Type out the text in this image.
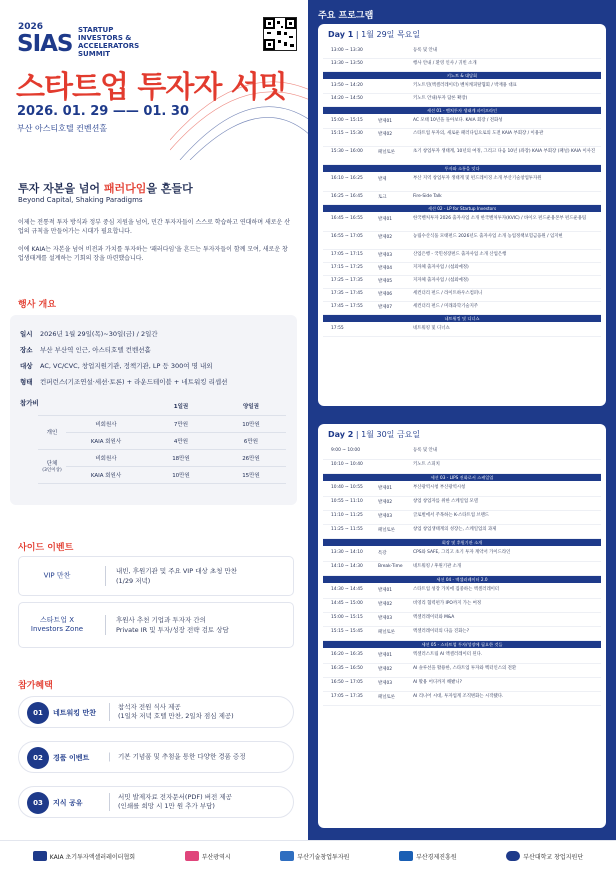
2026
SIAS
STARTUP INVESTORS & ACCELERATORS SUMMIT
스타트업 투자자 서밋
2026. 01. 29 —— 01. 30
부산 아스티호텔 컨벤션홀
투자 자본을 넘어 패러다임을 흔들다
Beyond Capital, Shaking Paradigms
이제는 전통적 투자 방식과 정부 중심 지원을 넘어, 민간 투자자들이 스스로 학습하고 연대하며 새로운 산업의 규칙을 만들어가는 시대가 필요합니다.
이에 KAIA는 자본을 넘어 비전과 가치를 투자하는 '패러다임'을 흔드는 투자자들이 함께 모여, 새로운 창업생태계를 설계하는 기회의 장을 마련했습니다.
행사 개요
일시 2026년 1월 29일(목)~30일(금) / 2일간
장소 부산 부산역 인근, 아스티호텔 컨벤션홀
대상 AC, VC/CVC, 창업지원기관, 정책기관, LP 등 300여 명 내외
형태 컨퍼런스(기조연설·세션·토론) + 라운드테이블 + 네트워킹 리셉션
참가비
		1일권	양일권
개인	비회원사	7만원	10만원
	KAIA 회원사	4만원	6만원
단체
(3인이상)	비회원사	18만원	26만원
	KAIA 회원사	10만원	15만원
사이드 이벤트
VIP 만찬
내빈, 후원기관 및 주요 VIP 대상 초청 만찬
(1/29 저녁)
스타트업 X Investors Zone
후원사 추천 기업과 투자자 간의
Private IR 및 투자/성장 전략 검토 상담
참가혜택
01	네트워킹 만찬
참석자 전원 식사 제공
(1일차 저녁 호텔 만찬, 2일차 점심 제공)
02	경품 이벤트	기본 기념품 및 추첨을 통한 다양한 경품 증정
03	지식 공유
서밋 발제자료 전자문서(PDF) 버전 제공
(인쇄를 희망 시 1만 원 추가 부담)
주요 프로그램
Day 1 | 1월 29일 목요일
13:00 ~ 13:30	등록 및 안내
13:30 ~ 13:50	행사 안내 / 환영 인사 / 귀빈 소개
키노트 & 대담회
13:50 ~ 14:20	키노트연(액셀러레이터) 벤처캐피탈협회 / 박재용 대표
14:20 ~ 14:50	키노트 안내(투자 담론 확장)
세션 01 - 벤처투자 생태계 파이프라인
15:00 ~ 15:15	발제01	AC 모태 10년을 돌아보다. KAIA 회장 / 전화성
15:15 ~ 15:30	발제02	스타트업 투자의, 새로운 패러다임으로의 도전 KAIA 부회장 / 이용관
15:30 ~ 16:00	패널토론	초기 창업투자 생태계, 10년의 여정, 그리고 다음 10년 (좌장) KAIA 부회장 (패널) KAIA 이사진
투자와 소통을 잇다
16:10 ~ 16:25	발제	부산 지역 창업투자 생태계 및 펀드레이징 소개 부산기술창업투자원
16:25 ~ 16:45	토크	Fire-Side Talk
세션 02 - LP for Startup Investors
16:45 ~ 16:55	발제01	한국벤처투자 2026 출자사업 소개 한국벤처투자(KVIC) / 바이오 펀드운용본부 펀드운용팀
16:55 ~ 17:05	발제02	농림수산식품 모태펀드 2026년도 출자사업 소개 농업정책보험금융원 / 임지현
17:05 ~ 17:15	발제03	산업은행 - 국민성장펀드 출자사업 소개 산업은행
17:15 ~ 17:25	발제04	지자체 출자사업 / (섭외예정)
17:25 ~ 17:35	발제05	지자체 출자사업 / (섭외예정)
17:35 ~ 17:45	발제06	세컨더리 펀드 / 라이트하우스컴퍼니
17:45 ~ 17:55	발제07	세컨더리 펀드 / 미래과학기술지주
네트워킹 및 디너쇼
17:55	네트워킹 및 디너쇼
Day 2 | 1월 30일 금요일
9:00 ~ 10:00	등록 및 안내
10:10 ~ 10:40	키노트 스피치
세션 03 - LIPS 진화로서 스케일업
10:40 ~ 10:55	발제01	부산광역시청 부산광역시청
10:55 ~ 11:10	발제02	창업 창업자를 위한 스케일업 모델
11:10 ~ 11:25	발제03	글로벌에서 주목하는 K-스타트업 브랜드
11:25 ~ 11:55	패널토론	창업 창업생태계의 성장는, 스케일업의 과제
회장 및 후원기관 소개
13:30 ~ 14:10	특강	CPS와 SAFE, 그리고 초기 투자 계약서 가이드라인
14:10 ~ 14:30	Break-Time	네트워킹 / 후원기관 소개
세션 04 - 액셀러레이터 2.0
14:30 ~ 14:45	발제01	스타트업 성장 가치에 집중하는 액셀러레이터
14:45 ~ 15:00	발제02	비영리 협력펀가 IPO까지 가는 여정
15:00 ~ 15:15	발제03	액셀러레이터와 M&A
15:15 ~ 15:45	패널토론	액셀러레이터의 다음 진화는?
세션 05 - 스타트업 투자/성장에 필요한 것들
16:20 ~ 16:35	발제01	엑셀러스트림 AI 액셀러레이터 된다.
16:35 ~ 16:50	발제02	AI 솔루션을 활용한, 스타트업 투자와 벡터인스의 전환
16:50 ~ 17:05	발제03	AI 활용 어디까지 해봤니?
17:05 ~ 17:35	패널토론	AI 리니어 시대, 투자업계 조직변화는 시작됐다.
KAIA 초기투자액셀러레이터협회	부산광역시	부산기술창업투자원	부산경제진흥원	부산대학교 창업지원단
